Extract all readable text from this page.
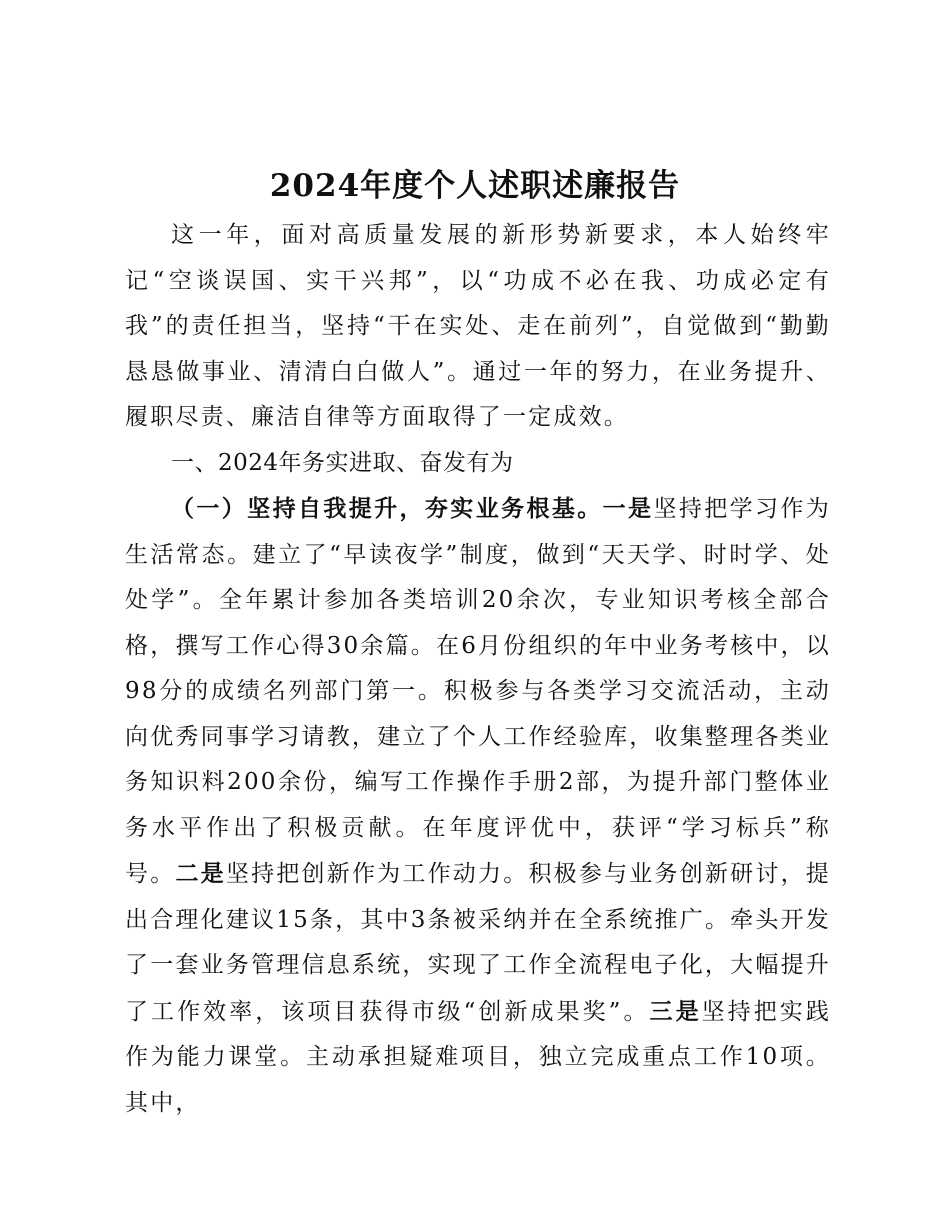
2024年度个人述职述廉报告

这一年，面对高质量发展的新形势新要求，本人始终牢记“空谈误国、实干兴邦”，以“功成不必在我、功成必定有我”的责任担当，坚持“干在实处、走在前列”，自觉做到“勤勤恳恳做事业、清清白白做人”。通过一年的努力，在业务提升、履职尽责、廉洁自律等方面取得了一定成效。

一、2024年务实进取、奋发有为

（一）坚持自我提升，夯实业务根基。一是坚持把学习作为生活常态。建立了“早读夜学”制度，做到“天天学、时时学、处处学”。全年累计参加各类培训20余次，专业知识考核全部合格，撰写工作心得30余篇。在6月份组织的年中业务考核中，以98分的成绩名列部门第一。积极参与各类学习交流活动，主动向优秀同事学习请教，建立了个人工作经验库，收集整理各类业务知识料200余份，编写工作操作手册2部，为提升部门整体业务水平作出了积极贡献。在年度评优中，获评“学习标兵”称号。二是坚持把创新作为工作动力。积极参与业务创新研讨，提出合理化建议15条，其中3条被采纳并在全系统推广。牵头开发了一套业务管理信息系统，实现了工作全流程电子化，大幅提升了工作效率，该项目获得市级“创新成果奖”。三是坚持把实践作为能力课堂。主动承担疑难项目，独立完成重点工作10项。其中，
